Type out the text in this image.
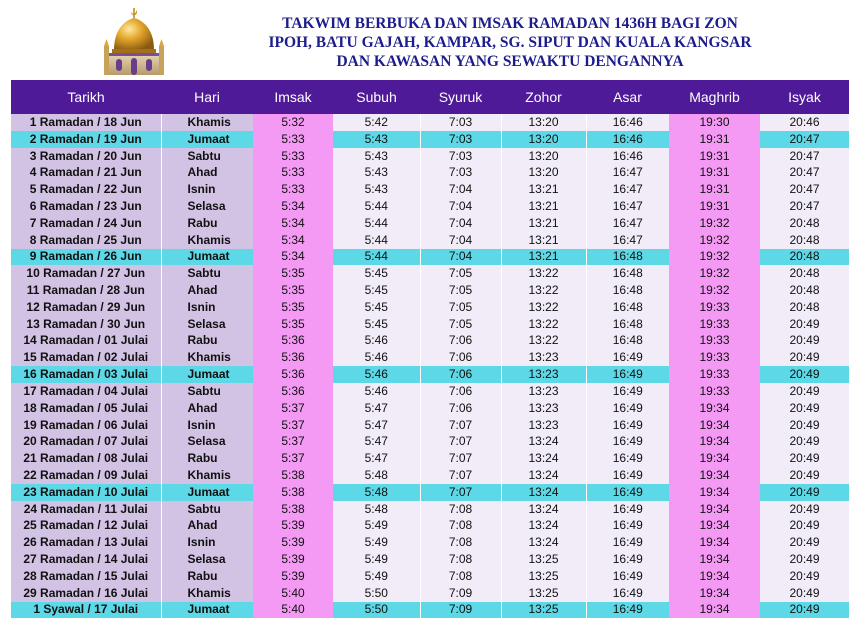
TAKWIM BERBUKA DAN IMSAK RAMADAN 1436H BAGI ZON
IPOH, BATU GAJAH, KAMPAR, SG. SIPUT DAN KUALA KANGSAR
DAN KAWASAN YANG SEWAKTU DENGANNYA
Tarikh	Hari	Imsak	Subuh	Syuruk	Zohor	Asar	Maghrib	Isyak
1 Ramadan / 18 Jun	Khamis	5:32	5:42	7:03	13:20	16:46	19:30	20:46
2 Ramadan / 19 Jun	Jumaat	5:33	5:43	7:03	13:20	16:46	19:31	20:47
3 Ramadan / 20 Jun	Sabtu	5:33	5:43	7:03	13:20	16:46	19:31	20:47
4 Ramadan / 21 Jun	Ahad	5:33	5:43	7:03	13:20	16:47	19:31	20:47
5 Ramadan / 22 Jun	Isnin	5:33	5:43	7:04	13:21	16:47	19:31	20:47
6 Ramadan / 23 Jun	Selasa	5:34	5:44	7:04	13:21	16:47	19:31	20:47
7 Ramadan / 24 Jun	Rabu	5:34	5:44	7:04	13:21	16:47	19:32	20:48
8 Ramadan / 25 Jun	Khamis	5:34	5:44	7:04	13:21	16:47	19:32	20:48
9 Ramadan / 26 Jun	Jumaat	5:34	5:44	7:04	13:21	16:48	19:32	20:48
10 Ramadan / 27 Jun	Sabtu	5:35	5:45	7:05	13:22	16:48	19:32	20:48
11 Ramadan / 28 Jun	Ahad	5:35	5:45	7:05	13:22	16:48	19:32	20:48
12 Ramadan / 29 Jun	Isnin	5:35	5:45	7:05	13:22	16:48	19:33	20:48
13 Ramadan / 30 Jun	Selasa	5:35	5:45	7:05	13:22	16:48	19:33	20:49
14 Ramadan / 01 Julai	Rabu	5:36	5:46	7:06	13:22	16:48	19:33	20:49
15 Ramadan / 02 Julai	Khamis	5:36	5:46	7:06	13:23	16:49	19:33	20:49
16 Ramadan / 03 Julai	Jumaat	5:36	5:46	7:06	13:23	16:49	19:33	20:49
17 Ramadan / 04 Julai	Sabtu	5:36	5:46	7:06	13:23	16:49	19:33	20:49
18 Ramadan / 05 Julai	Ahad	5:37	5:47	7:06	13:23	16:49	19:34	20:49
19 Ramadan / 06 Julai	Isnin	5:37	5:47	7:07	13:23	16:49	19:34	20:49
20 Ramadan / 07 Julai	Selasa	5:37	5:47	7:07	13:24	16:49	19:34	20:49
21 Ramadan / 08 Julai	Rabu	5:37	5:47	7:07	13:24	16:49	19:34	20:49
22 Ramadan / 09 Julai	Khamis	5:38	5:48	7:07	13:24	16:49	19:34	20:49
23 Ramadan / 10 Julai	Jumaat	5:38	5:48	7:07	13:24	16:49	19:34	20:49
24 Ramadan / 11 Julai	Sabtu	5:38	5:48	7:08	13:24	16:49	19:34	20:49
25 Ramadan / 12 Julai	Ahad	5:39	5:49	7:08	13:24	16:49	19:34	20:49
26 Ramadan / 13 Julai	Isnin	5:39	5:49	7:08	13:24	16:49	19:34	20:49
27 Ramadan / 14 Julai	Selasa	5:39	5:49	7:08	13:25	16:49	19:34	20:49
28 Ramadan / 15 Julai	Rabu	5:39	5:49	7:08	13:25	16:49	19:34	20:49
29 Ramadan / 16 Julai	Khamis	5:40	5:50	7:09	13:25	16:49	19:34	20:49
1 Syawal / 17 Julai	Jumaat	5:40	5:50	7:09	13:25	16:49	19:34	20:49
